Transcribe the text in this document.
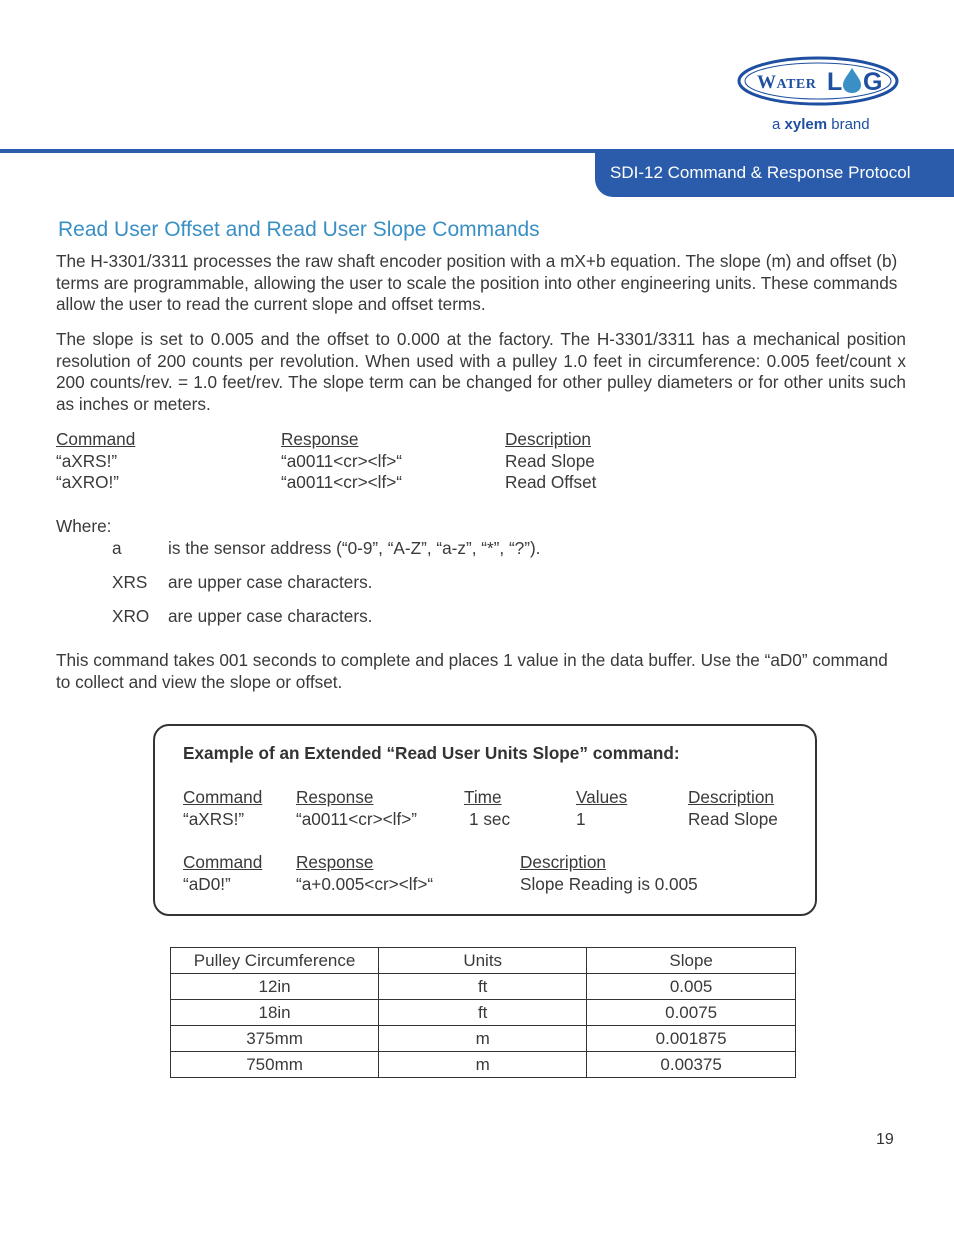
WATER L G
a xylem brand
SDI-12 Command & Response Protocol
Read User Offset and Read User Slope Commands

The H-3301/3311 processes the raw shaft encoder position with a mX+b equation. The slope (m) and offset (b) terms are programmable, allowing the user to scale the position into other engineering units. These commands allow the user to read the current slope and offset terms.

The slope is set to 0.005 and the offset to 0.000 at the factory. The H-3301/3311 has a mechanical position resolution of 200 counts per revolution. When used with a pulley 1.0 feet in circumference: 0.005 feet/count x 200 counts/rev. = 1.0 feet/rev. The slope term can be changed for other pulley diameters or for other units such as inches or meters.

Command	Response	Description
“aXRS!”	“a0011<cr><lf>“	Read Slope
“aXRO!”	“a0011<cr><lf>“	Read Offset
Where:
a	is the sensor address (“0-9”, “A-Z”, “a-z”, “*”, “?”).
XRS are upper case characters.
XRO are upper case characters.

This command takes 001 seconds to complete and places 1 value in the data buffer. Use the “aD0” command to collect and view the slope or offset.

Example of an Extended “Read User Units Slope” command:
Command Response	Time	Values	Description
“aXRS!”	“a0011<cr><lf>”	1 sec	1	Read Slope
Command Response	Description
“aD0!”	“a+0.005<cr><lf>“	Slope Reading is 0.005
Pulley Circumference	Units	Slope
12in	ft	0.005
18in	ft	0.0075
375mm	m	0.001875
750mm	m	0.00375
19
